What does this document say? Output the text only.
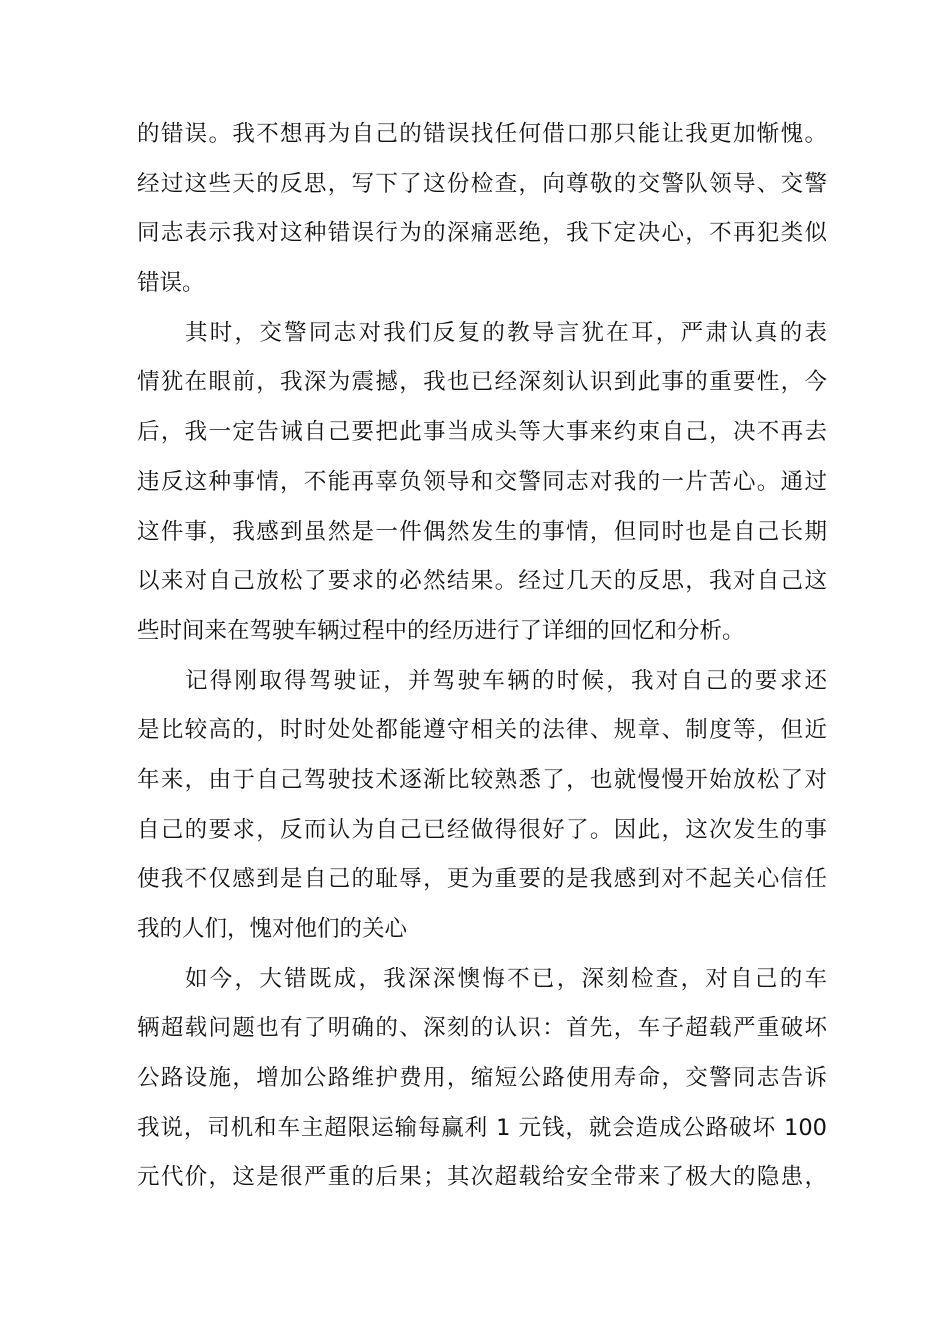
的错误。我不想再为自己的错误找任何借口那只能让我更加惭愧。
经过这些天的反思，写下了这份检查，向尊敬的交警队领导、交警
同志表示我对这种错误行为的深痛恶绝，我下定决心，不再犯类似
错误。
其时，交警同志对我们反复的教导言犹在耳，严肃认真的表
情犹在眼前，我深为震撼，我也已经深刻认识到此事的重要性，今
后，我一定告诫自己要把此事当成头等大事来约束自己，决不再去
违反这种事情，不能再辜负领导和交警同志对我的一片苦心。通过
这件事，我感到虽然是一件偶然发生的事情，但同时也是自己长期
以来对自己放松了要求的必然结果。经过几天的反思，我对自己这
些时间来在驾驶车辆过程中的经历进行了详细的回忆和分析。
记得刚取得驾驶证，并驾驶车辆的时候，我对自己的要求还
是比较高的，时时处处都能遵守相关的法律、规章、制度等，但近
年来，由于自己驾驶技术逐渐比较熟悉了，也就慢慢开始放松了对
自己的要求，反而认为自己已经做得很好了。因此，这次发生的事
使我不仅感到是自己的耻辱，更为重要的是我感到对不起关心信任
我的人们，愧对他们的关心
如今，大错既成，我深深懊悔不已，深刻检查，对自己的车
辆超载问题也有了明确的、深刻的认识：首先，车子超载严重破坏
公路设施，增加公路维护费用，缩短公路使用寿命，交警同志告诉
我说，司机和车主超限运输每赢利 1 元钱，就会造成公路破坏 100
元代价，这是很严重的后果；其次超载给安全带来了极大的隐患，
